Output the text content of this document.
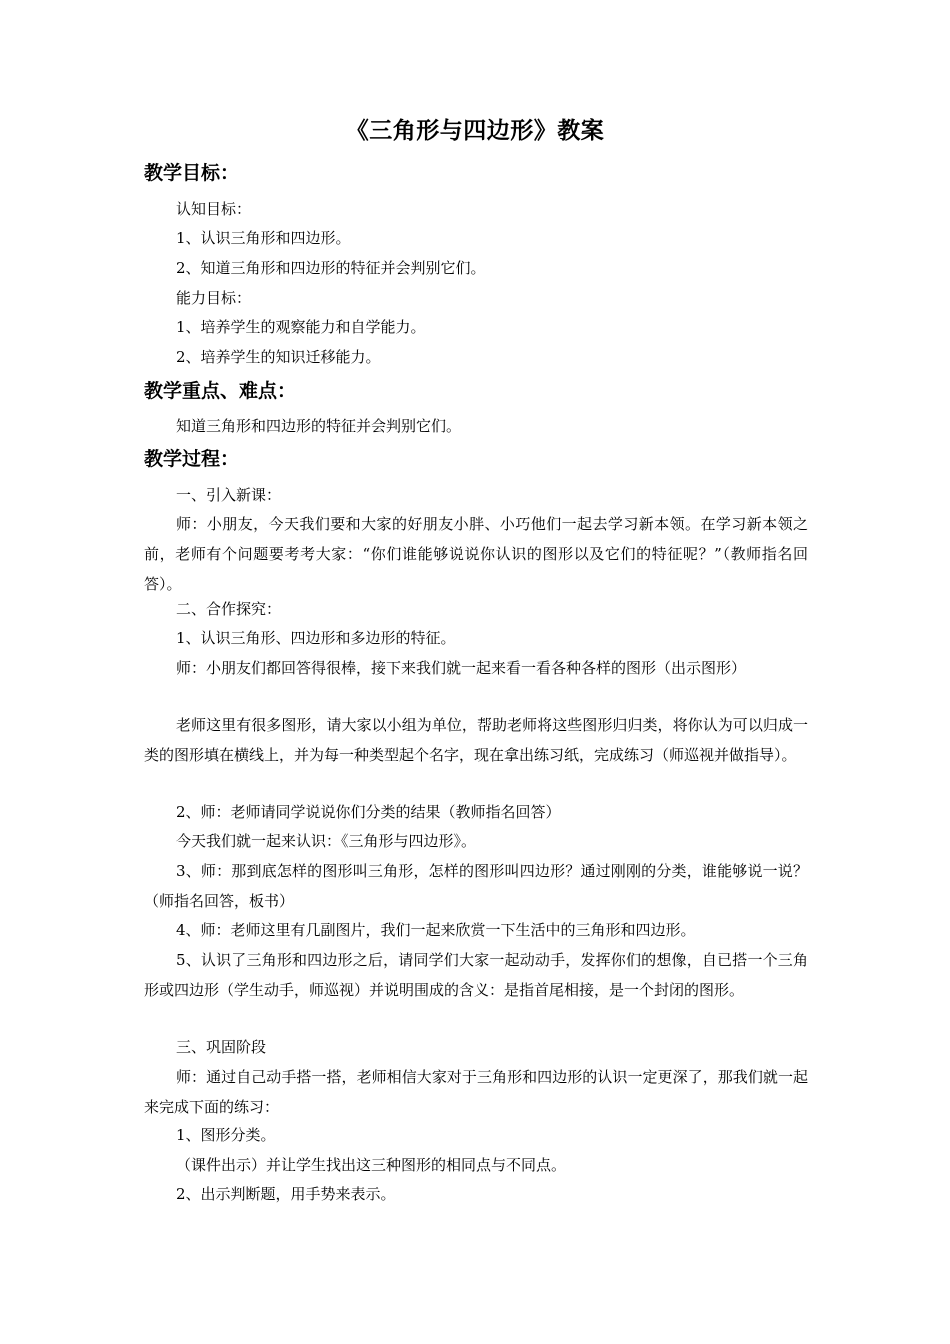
《三角形与四边形》教案
教学目标：

认知目标：

1、认识三角形和四边形。

2、知道三角形和四边形的特征并会判别它们。

能力目标：

1、培养学生的观察能力和自学能力。

2、培养学生的知识迁移能力。

教学重点、难点：

知道三角形和四边形的特征并会判别它们。

教学过程：

一、引入新课：

师：小朋友，今天我们要和大家的好朋友小胖、小巧他们一起去学习新本领。在学习新本领之前，老师有个问题要考考大家：“你们谁能够说说你认识的图形以及它们的特征呢？”（教师指名回答）。

二、合作探究：

1、认识三角形、四边形和多边形的特征。

师：小朋友们都回答得很棒，接下来我们就一起来看一看各种各样的图形（出示图形）

老师这里有很多图形，请大家以小组为单位，帮助老师将这些图形归归类，将你认为可以归成一类的图形填在横线上，并为每一种类型起个名字，现在拿出练习纸，完成练习（师巡视并做指导）。

2、师：老师请同学说说你们分类的结果（教师指名回答）

今天我们就一起来认识：《三角形与四边形》。

3、师：那到底怎样的图形叫三角形，怎样的图形叫四边形？通过刚刚的分类，谁能够说一说？（师指名回答，板书）

4、师：老师这里有几副图片，我们一起来欣赏一下生活中的三角形和四边形。

5、认识了三角形和四边形之后，请同学们大家一起动动手，发挥你们的想像，自已搭一个三角形或四边形（学生动手，师巡视）并说明围成的含义：是指首尾相接，是一个封闭的图形。

三、巩固阶段

师：通过自己动手搭一搭，老师相信大家对于三角形和四边形的认识一定更深了，那我们就一起来完成下面的练习：

1、图形分类。

（课件出示）并让学生找出这三种图形的相同点与不同点。

2、出示判断题，用手势来表示。
